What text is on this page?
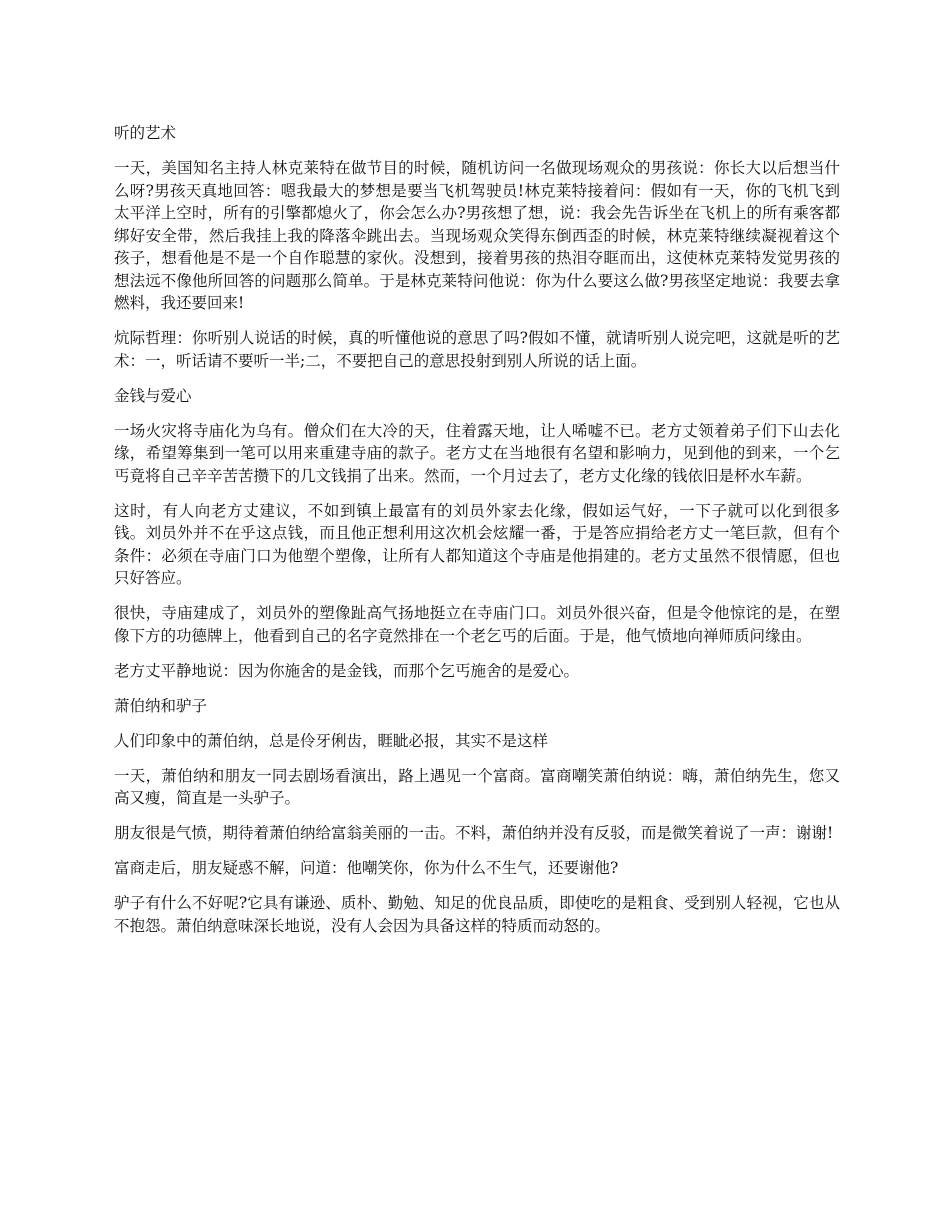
听的艺术

一天，美国知名主持人林克莱特在做节目的时候，随机访问一名做现场观众的男孩说：你长大以后想当什么呀?男孩天真地回答：嗯我最大的梦想是要当飞机驾驶员!林克莱特接着问：假如有一天，你的飞机飞到太平洋上空时，所有的引擎都熄火了，你会怎么办?男孩想了想，说：我会先告诉坐在飞机上的所有乘客都绑好安全带，然后我挂上我的降落伞跳出去。当现场观众笑得东倒西歪的时候，林克莱特继续凝视着这个孩子，想看他是不是一个自作聪慧的家伙。没想到，接着男孩的热泪夺眶而出，这使林克莱特发觉男孩的想法远不像他所回答的问题那么简单。于是林克莱特问他说：你为什么要这么做?男孩坚定地说：我要去拿燃料，我还要回来!

炕际哲理：你听别人说话的时候，真的听懂他说的意思了吗?假如不懂，就请听别人说完吧，这就是听的艺术：一，听话请不要听一半;二，不要把自己的意思投射到别人所说的话上面。

金钱与爱心

一场火灾将寺庙化为乌有。僧众们在大冷的天，住着露天地，让人唏嘘不已。老方丈领着弟子们下山去化缘，希望筹集到一笔可以用来重建寺庙的款子。老方丈在当地很有名望和影响力，见到他的到来，一个乞丐竟将自己辛辛苦苦攒下的几文钱捐了出来。然而，一个月过去了，老方丈化缘的钱依旧是杯水车薪。

这时，有人向老方丈建议，不如到镇上最富有的刘员外家去化缘，假如运气好，一下子就可以化到很多钱。刘员外并不在乎这点钱，而且他正想利用这次机会炫耀一番，于是答应捐给老方丈一笔巨款，但有个条件：必须在寺庙门口为他塑个塑像，让所有人都知道这个寺庙是他捐建的。老方丈虽然不很情愿，但也只好答应。

很快，寺庙建成了，刘员外的塑像趾高气扬地挺立在寺庙门口。刘员外很兴奋，但是令他惊诧的是，在塑像下方的功德牌上，他看到自己的名字竟然排在一个老乞丐的后面。于是，他气愤地向禅师质问缘由。

老方丈平静地说：因为你施舍的是金钱，而那个乞丐施舍的是爱心。

萧伯纳和驴子

人们印象中的萧伯纳，总是伶牙俐齿，睚眦必报，其实不是这样

一天，萧伯纳和朋友一同去剧场看演出，路上遇见一个富商。富商嘲笑萧伯纳说：嗨，萧伯纳先生，您又高又瘦，简直是一头驴子。

朋友很是气愤，期待着萧伯纳给富翁美丽的一击。不料，萧伯纳并没有反驳，而是微笑着说了一声：谢谢!

富商走后，朋友疑惑不解，问道：他嘲笑你，你为什么不生气，还要谢他?

驴子有什么不好呢?它具有谦逊、质朴、勤勉、知足的优良品质，即使吃的是粗食、受到别人轻视，它也从不抱怨。萧伯纳意味深长地说，没有人会因为具备这样的特质而动怒的。
